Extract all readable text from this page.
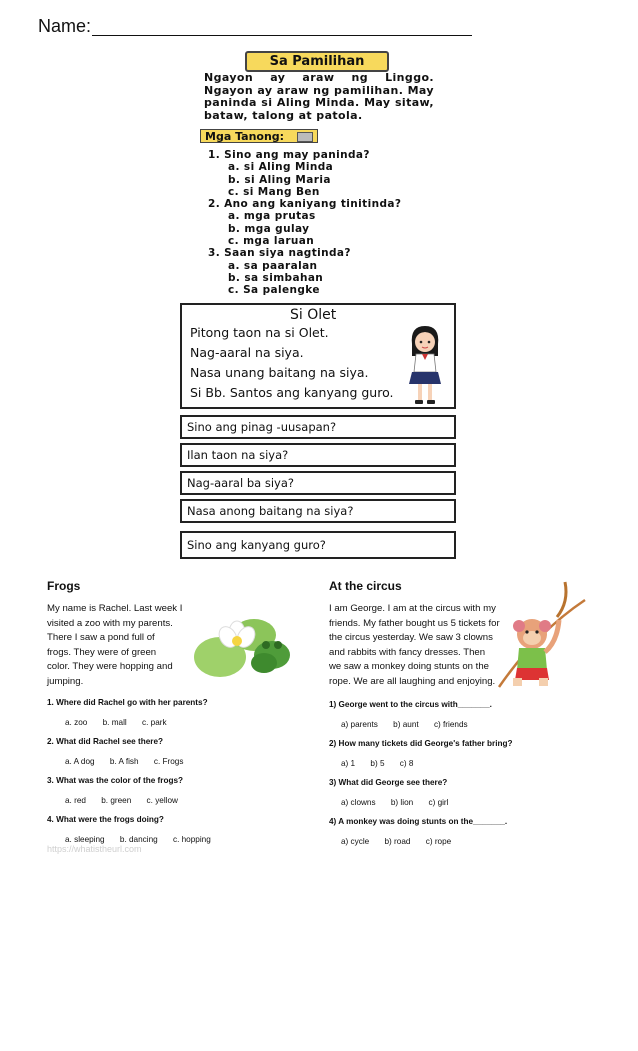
Name:
Sa Pamilihan
Ngayon ay araw ng Linggo. Ngayon ay araw ng pamilihan. May paninda si Aling Minda. May sitaw, bataw, talong at patola.
Mga Tanong:
1. Sino ang may paninda?
a. si Aling Minda
b. si Aling Maria
c. si Mang Ben
2. Ano ang kaniyang tinitinda?
a. mga prutas
b. mga gulay
c. mga laruan
3. Saan siya nagtinda?
a. sa paaralan
b. sa simbahan
c. Sa palengke
Si Olet
Pitong taon na si Olet.
Nag-aaral na siya.
Nasa unang baitang na siya.
Si Bb. Santos ang kanyang guro.
Sino ang pinag -uusapan?
Ilan taon na siya?
Nag-aaral ba siya?
Nasa anong baitang na siya?
Sino ang kanyang guro?
Frogs
My name is Rachel. Last week I
visited a zoo with my parents.
There I saw a pond full of
frogs. They were of green
color. They were hopping and
jumping.
1. Where did Rachel go with her parents?
a. zoo b. mall c. park
2. What did Rachel see there?
a. A dog b. A fish c. Frogs
3. What was the color of the frogs?
a. red b. green c. yellow
4. What were the frogs doing?
a. sleeping b. dancing c. hopping
https://whatistheurl.com
At the circus
I am George. I am at the circus with my
friends. My father bought us 5 tickets for
the circus yesterday. We saw 3 clowns
and rabbits with fancy dresses. Then
we saw a monkey doing stunts on the
rope. We are all laughing and enjoying.
1) George went to the circus with_______.
a) parents b) aunt c) friends
2) How many tickets did George's father bring?
a) 1 b) 5 c) 8
3) What did George see there?
a) clowns b) lion c) girl
4) A monkey was doing stunts on the_______.
a) cycle b) road c) rope
